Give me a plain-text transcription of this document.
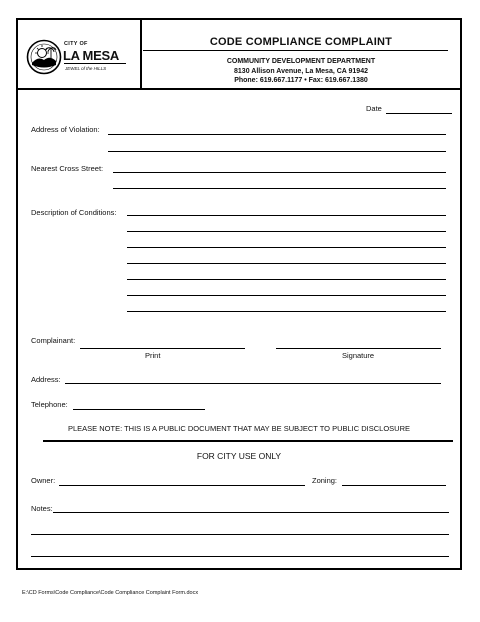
CITY OF
LA MESA
JEWEL of the HILLS
CODE COMPLIANCE COMPLAINT
COMMUNITY DEVELOPMENT DEPARTMENT
8130 Allison Avenue, La Mesa, CA 91942
Phone: 619.667.1177 • Fax: 619.667.1380
Date
Address of Violation:
Nearest Cross Street:
Description of Conditions:
Complainant:
Print	Signature
Address:
Telephone:
PLEASE NOTE: THIS IS A PUBLIC DOCUMENT THAT MAY BE SUBJECT TO PUBLIC DISCLOSURE
FOR CITY USE ONLY
Owner:	Zoning:
Notes:
E:\CD Forms\Code Compliance\Code Compliance Complaint Form.docx
